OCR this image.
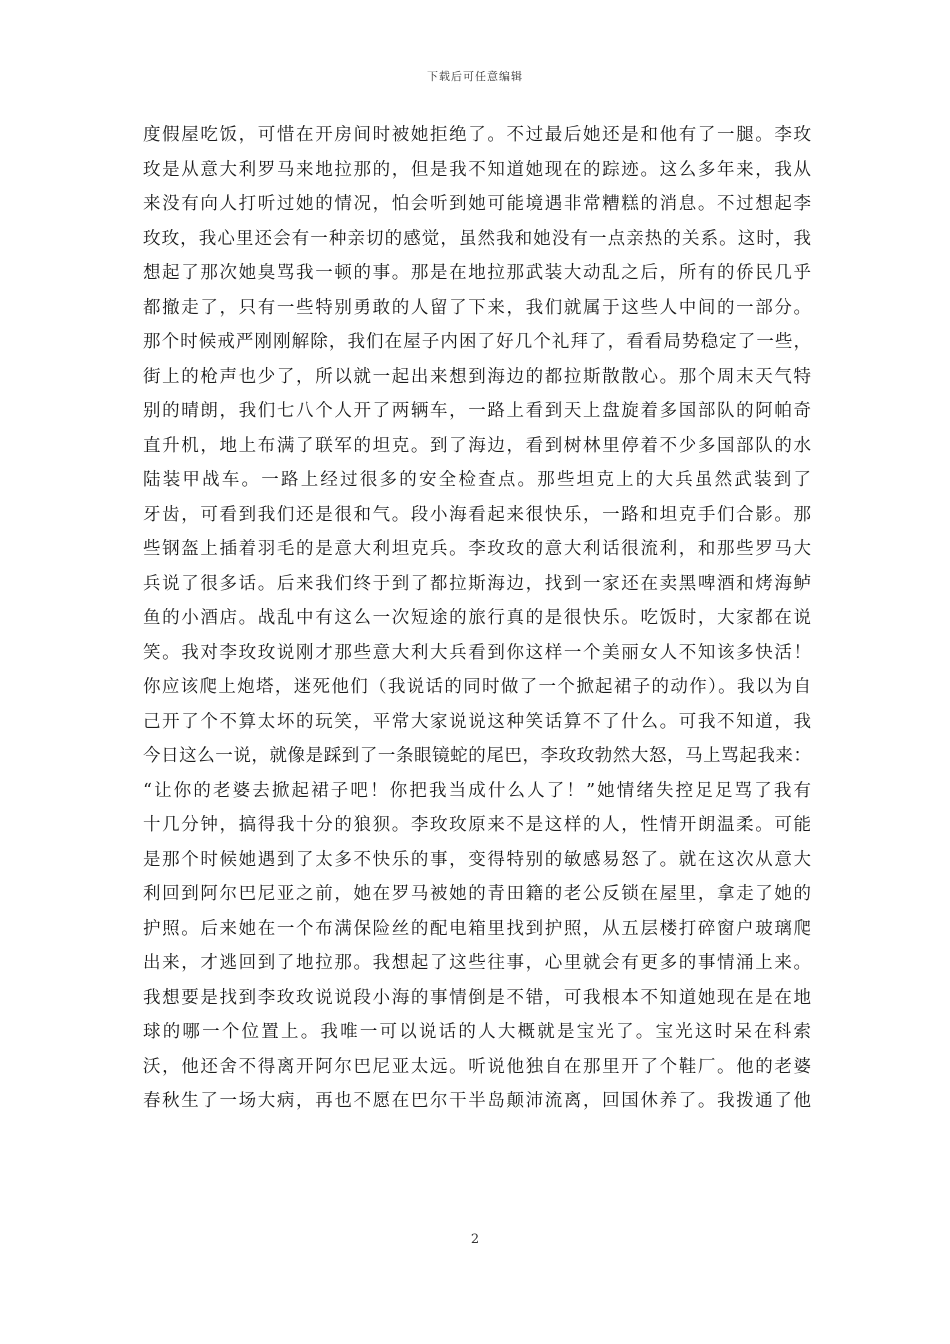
下载后可任意编辑
度假屋吃饭，可惜在开房间时被她拒绝了。不过最后她还是和他有了一腿。李玫
玫是从意大利罗马来地拉那的，但是我不知道她现在的踪迹。这么多年来，我从
来没有向人打听过她的情况，怕会听到她可能境遇非常糟糕的消息。不过想起李
玫玫，我心里还会有一种亲切的感觉，虽然我和她没有一点亲热的关系。这时，我
想起了那次她臭骂我一顿的事。那是在地拉那武装大动乱之后，所有的侨民几乎
都撤走了，只有一些特别勇敢的人留了下来，我们就属于这些人中间的一部分。
那个时候戒严刚刚解除，我们在屋子内困了好几个礼拜了，看看局势稳定了一些，
街上的枪声也少了，所以就一起出来想到海边的都拉斯散散心。那个周末天气特
别的晴朗，我们七八个人开了两辆车，一路上看到天上盘旋着多国部队的阿帕奇
直升机，地上布满了联军的坦克。到了海边，看到树林里停着不少多国部队的水
陆装甲战车。一路上经过很多的安全检查点。那些坦克上的大兵虽然武装到了
牙齿，可看到我们还是很和气。段小海看起来很快乐，一路和坦克手们合影。那
些钢盔上插着羽毛的是意大利坦克兵。李玫玫的意大利话很流利，和那些罗马大
兵说了很多话。后来我们终于到了都拉斯海边，找到一家还在卖黑啤酒和烤海鲈
鱼的小酒店。战乱中有这么一次短途的旅行真的是很快乐。吃饭时，大家都在说
笑。我对李玫玫说刚才那些意大利大兵看到你这样一个美丽女人不知该多快活！
你应该爬上炮塔，迷死他们（我说话的同时做了一个掀起裙子的动作）。我以为自
己开了个不算太坏的玩笑，平常大家说说这种笑话算不了什么。可我不知道，我
今日这么一说，就像是踩到了一条眼镜蛇的尾巴，李玫玫勃然大怒，马上骂起我来：
“让你的老婆去掀起裙子吧！你把我当成什么人了！”她情绪失控足足骂了我有
十几分钟，搞得我十分的狼狈。李玫玫原来不是这样的人，性情开朗温柔。可能
是那个时候她遇到了太多不快乐的事，变得特别的敏感易怒了。就在这次从意大
利回到阿尔巴尼亚之前，她在罗马被她的青田籍的老公反锁在屋里，拿走了她的
护照。后来她在一个布满保险丝的配电箱里找到护照，从五层楼打碎窗户玻璃爬
出来，才逃回到了地拉那。我想起了这些往事，心里就会有更多的事情涌上来。
我想要是找到李玫玫说说段小海的事情倒是不错，可我根本不知道她现在是在地
球的哪一个位置上。我唯一可以说话的人大概就是宝光了。宝光这时呆在科索
沃，他还舍不得离开阿尔巴尼亚太远。听说他独自在那里开了个鞋厂。他的老婆
春秋生了一场大病，再也不愿在巴尔干半岛颠沛流离，回国休养了。我拨通了他
2
